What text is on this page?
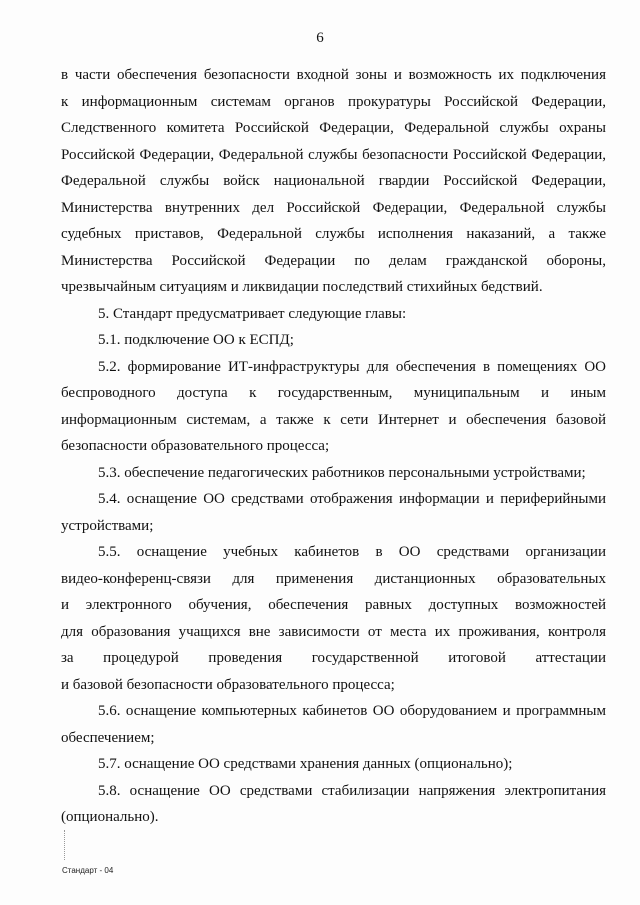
6
в части обеспечения безопасности входной зоны и возможность их подключения
к информационным системам органов прокуратуры Российской Федерации,
Следственного комитета Российской Федерации, Федеральной службы охраны
Российской Федерации, Федеральной службы безопасности Российской Федерации,
Федеральной службы войск национальной гвардии Российской Федерации,
Министерства внутренних дел Российской Федерации, Федеральной службы
судебных приставов, Федеральной службы исполнения наказаний, а также
Министерства Российской Федерации по делам гражданской обороны,
чрезвычайным ситуациям и ликвидации последствий стихийных бедствий.
5. Стандарт предусматривает следующие главы:
5.1. подключение ОО к ЕСПД;
5.2. формирование ИТ-инфраструктуры для обеспечения в помещениях ОО
беспроводного доступа к государственным, муниципальным и иным
информационным системам, а также к сети Интернет и обеспечения базовой
безопасности образовательного процесса;
5.3. обеспечение педагогических работников персональными устройствами;
5.4. оснащение ОО средствами отображения информации и периферийными
устройствами;
5.5. оснащение учебных кабинетов в ОО средствами организации
видео-конференц-связи для применения дистанционных образовательных
и электронного обучения, обеспечения равных доступных возможностей
для образования учащихся вне зависимости от места их проживания, контроля
за процедурой проведения государственной итоговой аттестации
и базовой безопасности образовательного процесса;
5.6. оснащение компьютерных кабинетов ОО оборудованием и программным
обеспечением;
5.7. оснащение ОО средствами хранения данных (опционально);
5.8. оснащение ОО средствами стабилизации напряжения электропитания
(опционально).
Стандарт - 04
